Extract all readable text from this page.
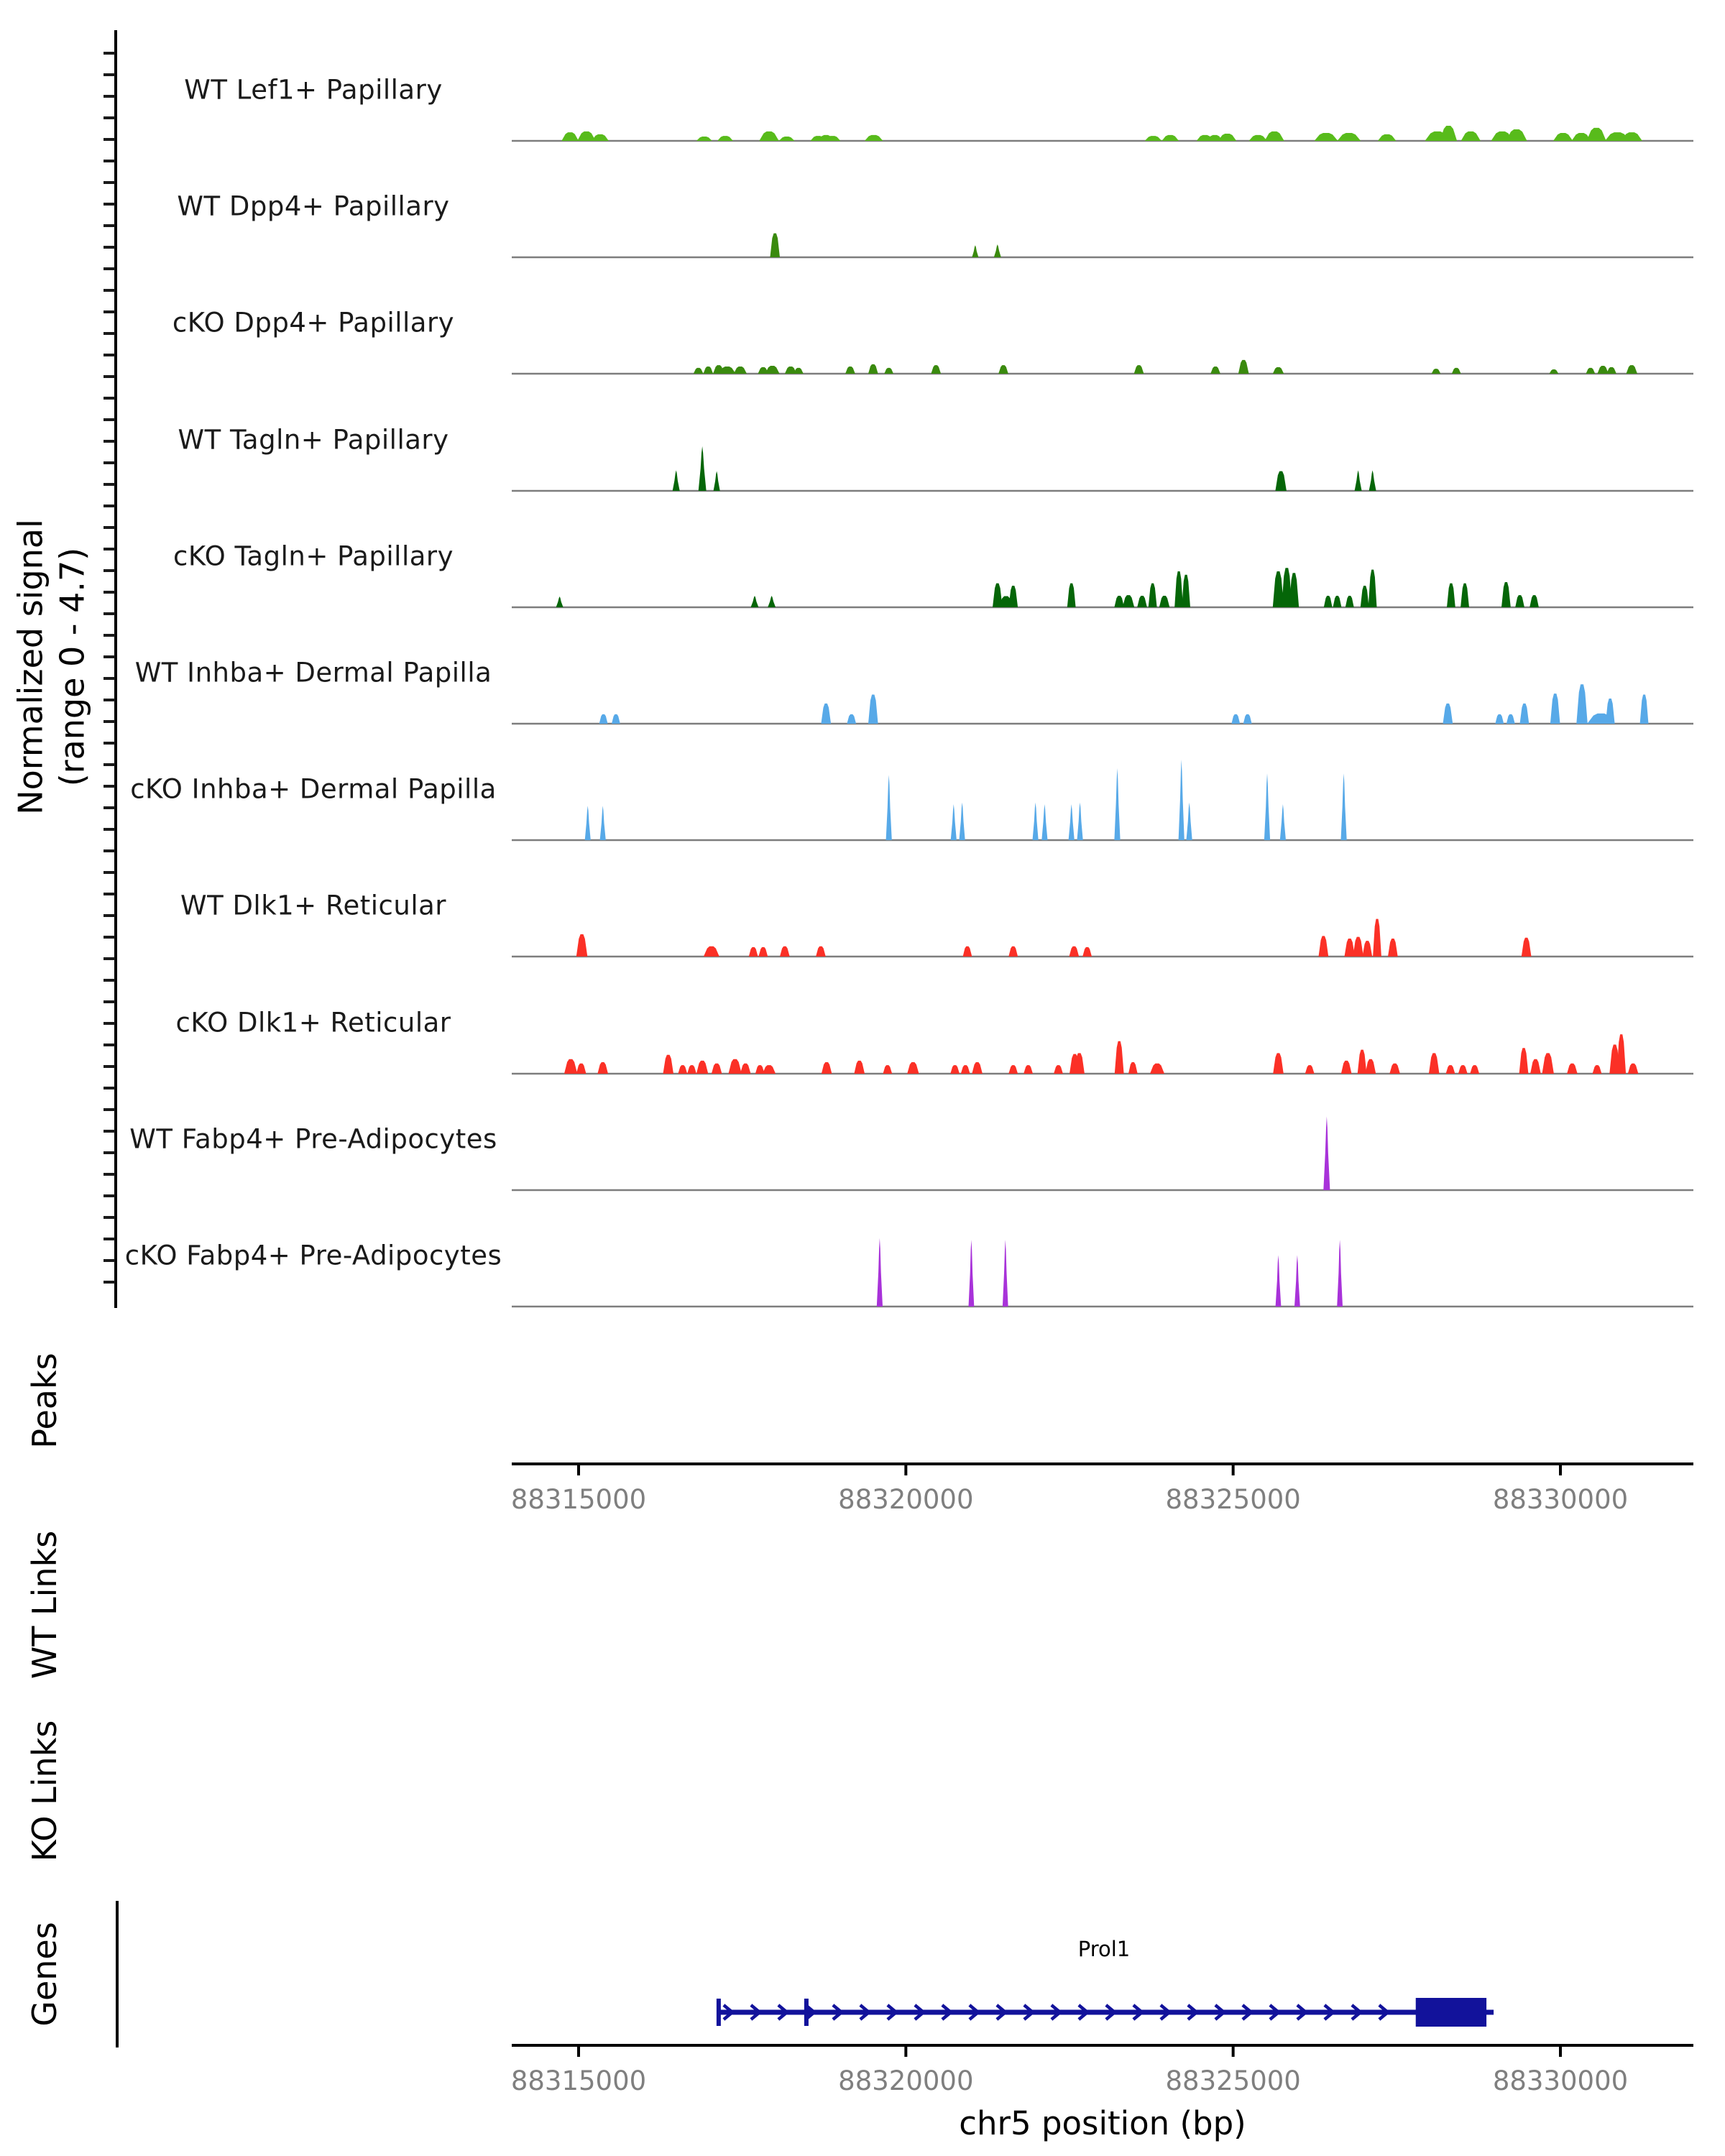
Normalized signal
(range 0 - 4.7)
Peaks
WT Links
KO Links
Genes	Prol1
chr5 position (bp)
WT Lef1+ Papillary
WT Dpp4+ Papillary
cKO Dpp4+ Papillary
WT Tagln+ Papillary
cKO Tagln+ Papillary
WT Inhba+ Dermal Papilla
cKO Inhba+ Dermal Papilla
WT Dlk1+ Reticular
cKO Dlk1+ Reticular
WT Fabp4+ Pre-Adipocytes
cKO Fabp4+ Pre-Adipocytes
88315000	88320000	88325000	88330000
88315000	88320000	88325000	88330000
